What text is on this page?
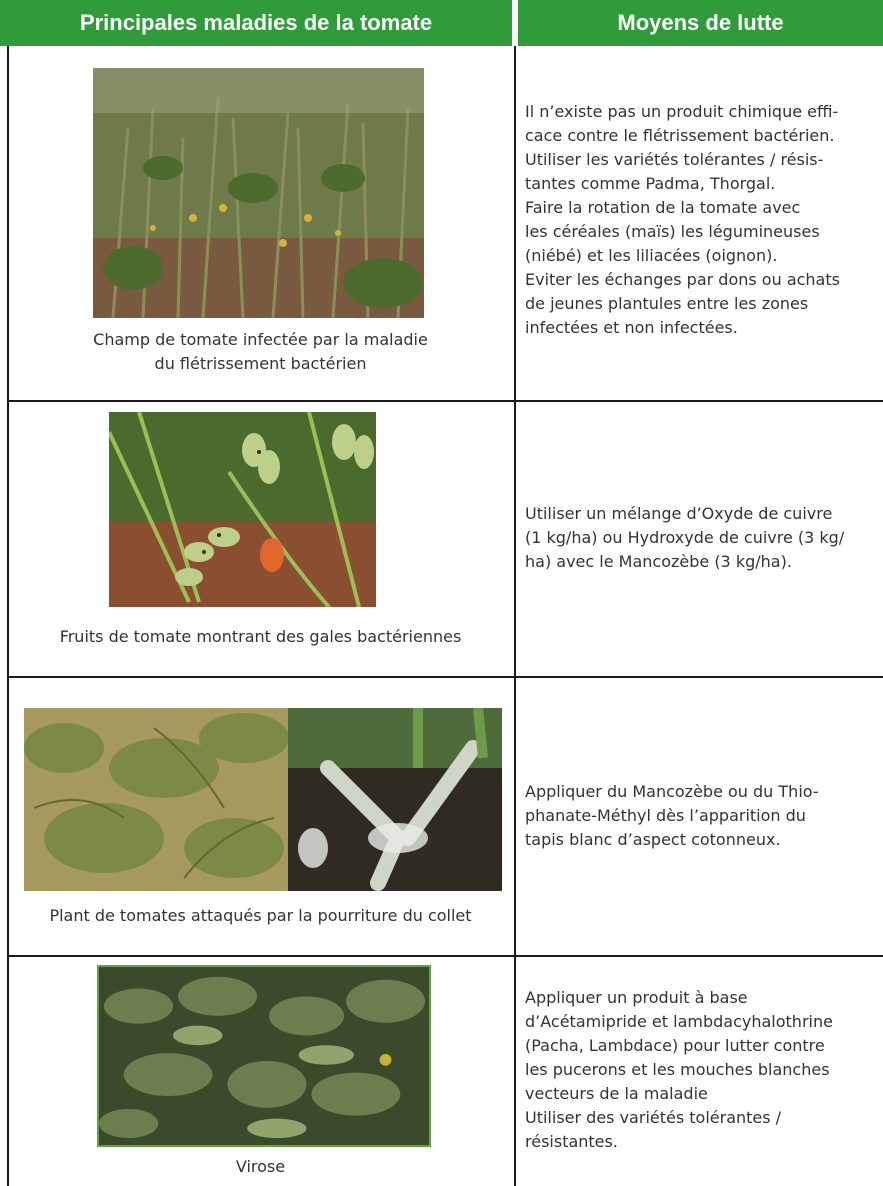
Principales maladies de la tomate	Moyens de lutte
Champ de tomate infectée par la maladie
du flétrissement bactérien
Il n’existe pas un produit chimique effi-
cace contre le flétrissement bactérien.
Utiliser les variétés tolérantes / résis-
tantes comme Padma, Thorgal.
Faire la rotation de la tomate avec
les céréales (maïs) les légumineuses
(niébé) et les liliacées (oignon).
Eviter les échanges par dons ou achats
de jeunes plantules entre les zones
infectées et non infectées.
Fruits de tomate montrant des gales bactériennes
Utiliser un mélange d’Oxyde de cuivre
(1 kg/ha) ou Hydroxyde de cuivre (3 kg/
ha) avec le Mancozèbe (3 kg/ha).
Plant de tomates attaqués par la pourriture du collet
Appliquer du Mancozèbe ou du Thio-
phanate-Méthyl dès l’apparition du
tapis blanc d’aspect cotonneux.
Virose
Appliquer un produit à base
d’Acétamipride et lambdacyhalothrine
(Pacha, Lambdace) pour lutter contre
les pucerons et les mouches blanches
vecteurs de la maladie
Utiliser des variétés tolérantes /
résistantes.
